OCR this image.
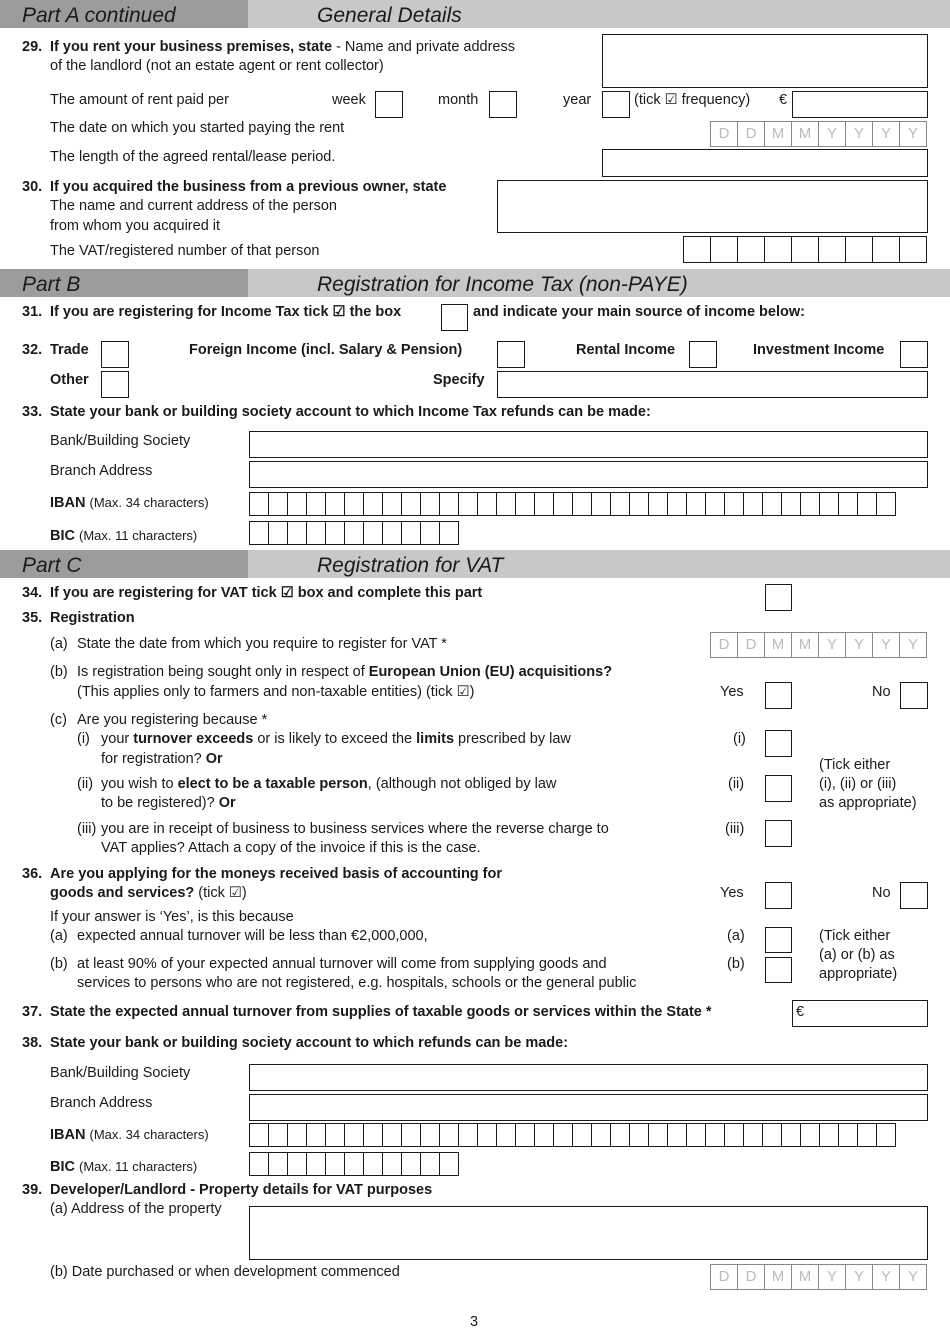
Part A continued	General Details
29. If you rent your business premises, state - Name and private address
of the landlord (not an estate agent or rent collector)
The amount of rent paid per	week	month	year	(tick ☑ frequency) €
The date on which you started paying the rent	D	D	M M	Y	Y	Y	Y
The length of the agreed rental/lease period.
30. If you acquired the business from a previous owner, state
The name and current address of the person
from whom you acquired it
The VAT/registered number of that person
Part B	Registration for Income Tax (non-PAYE)
31. If you are registering for Income Tax tick ☑ the box	and indicate your main source of income below:
32. Trade	Foreign Income (incl. Salary & Pension)	Rental Income	Investment Income
Other	Specify
33. State your bank or building society account to which Income Tax refunds can be made:
Bank/Building Society
Branch Address
IBAN (Max. 34 characters)
BIC (Max. 11 characters)
Part C	Registration for VAT
34. If you are registering for VAT tick ☑ box and complete this part
35. Registration
(a) State the date from which you require to register for VAT *	D	D	M M	Y	Y	Y	Y
(b) Is registration being sought only in respect of European Union (EU) acquisitions?
(This applies only to farmers and non-taxable entities) (tick ☑)	Yes	No
(c) Are you registering because *
(i) your turnover exceeds or is likely to exceed the limits prescribed by law
for registration? Or
(i)
(ii) you wish to elect to be a taxable person, (although not obliged by law
to be registered)? Or
(ii)
(Tick either
(i), (ii) or (iii)
as appropriate)
(iii) you are in receipt of business to business services where the reverse charge to
VAT applies? Attach a copy of the invoice if this is the case.
(iii)
36. Are you applying for the moneys received basis of accounting for
goods and services? (tick ☑)	Yes	No
If your answer is ‘Yes’, is this because
(a) expected annual turnover will be less than €2,000,000,	(a)
(b) at least 90% of your expected annual turnover will come from supplying goods and
services to persons who are not registered, e.g. hospitals, schools or the general public
(b)
(Tick either
(a) or (b) as
appropriate)
37. State the expected annual turnover from supplies of taxable goods or services within the State *	€
38. State your bank or building society account to which refunds can be made:
Bank/Building Society
Branch Address
IBAN (Max. 34 characters)
BIC (Max. 11 characters)
39. Developer/Landlord - Property details for VAT purposes
(a) Address of the property
(b) Date purchased or when development commenced	D	D	M M	Y	Y	Y	Y
3
